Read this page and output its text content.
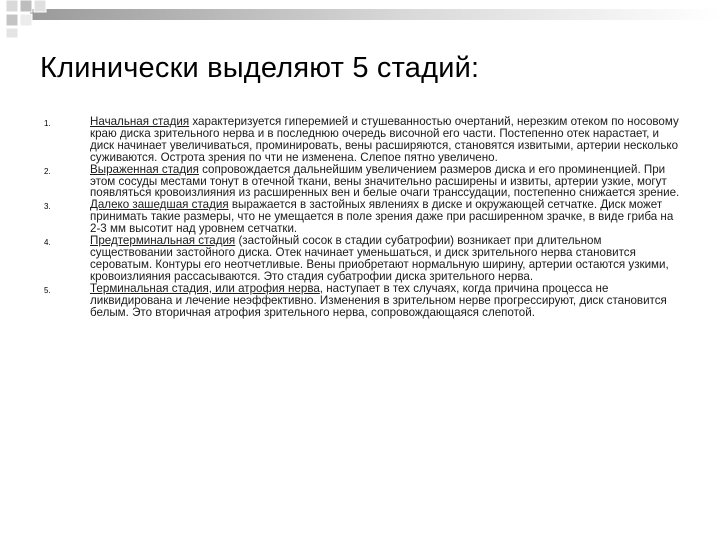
Клинически выделяют 5 стадий:
1.	Начальная стадия характеризуется гиперемией и стушеванностью очертаний, нерезким отеком по носовому краю диска зрительного нерва и в последнюю очередь височной его части. Постепенно отек нарастает, и диск начинает увеличиваться, проминировать, вены расширяются, становятся извитыми, артерии несколько суживаются. Острота зрения по чти не изменена. Слепое пятно увеличено.
2.	Выраженная стадия сопровождается дальнейшим увеличением размеров диска и его проминенцией. При этом сосуды местами тонут в отечной ткани, вены значительно расширены и извиты, артерии узкие, могут появляться кровоизлияния из расширенных вен и белые очаги транссудации, постепенно снижается зрение.
3.	Далеко зашедшая стадия выражается в застойных явлениях в диске и окружающей сетчатке. Диск может принимать такие размеры, что не умещается в поле зрения даже при расширенном зрачке, в виде гриба на 2-3 мм высотит над уровнем сетчатки.
4.	Предтерминальная стадия (застойный сосок в стадии субатрофии) возникает при длительном существовании застойного диска. Отек начинает уменьшаться, и диск зрительного нерва становится сероватым. Контуры его неотчетливые. Вены приобретают нормальную ширину, артерии остаются узкими, кровоизлияния рассасываются. Это стадия субатрофии диска зрительного нерва.
5.	Терминальная стадия, или атрофия нерва, наступает в тех случаях, когда причина процесса не ликвидирована и лечение неэффективно. Изменения в зрительном нерве прогрессируют, диск становится белым. Это вторичная атрофия зрительного нерва, сопровождающаяся слепотой.
